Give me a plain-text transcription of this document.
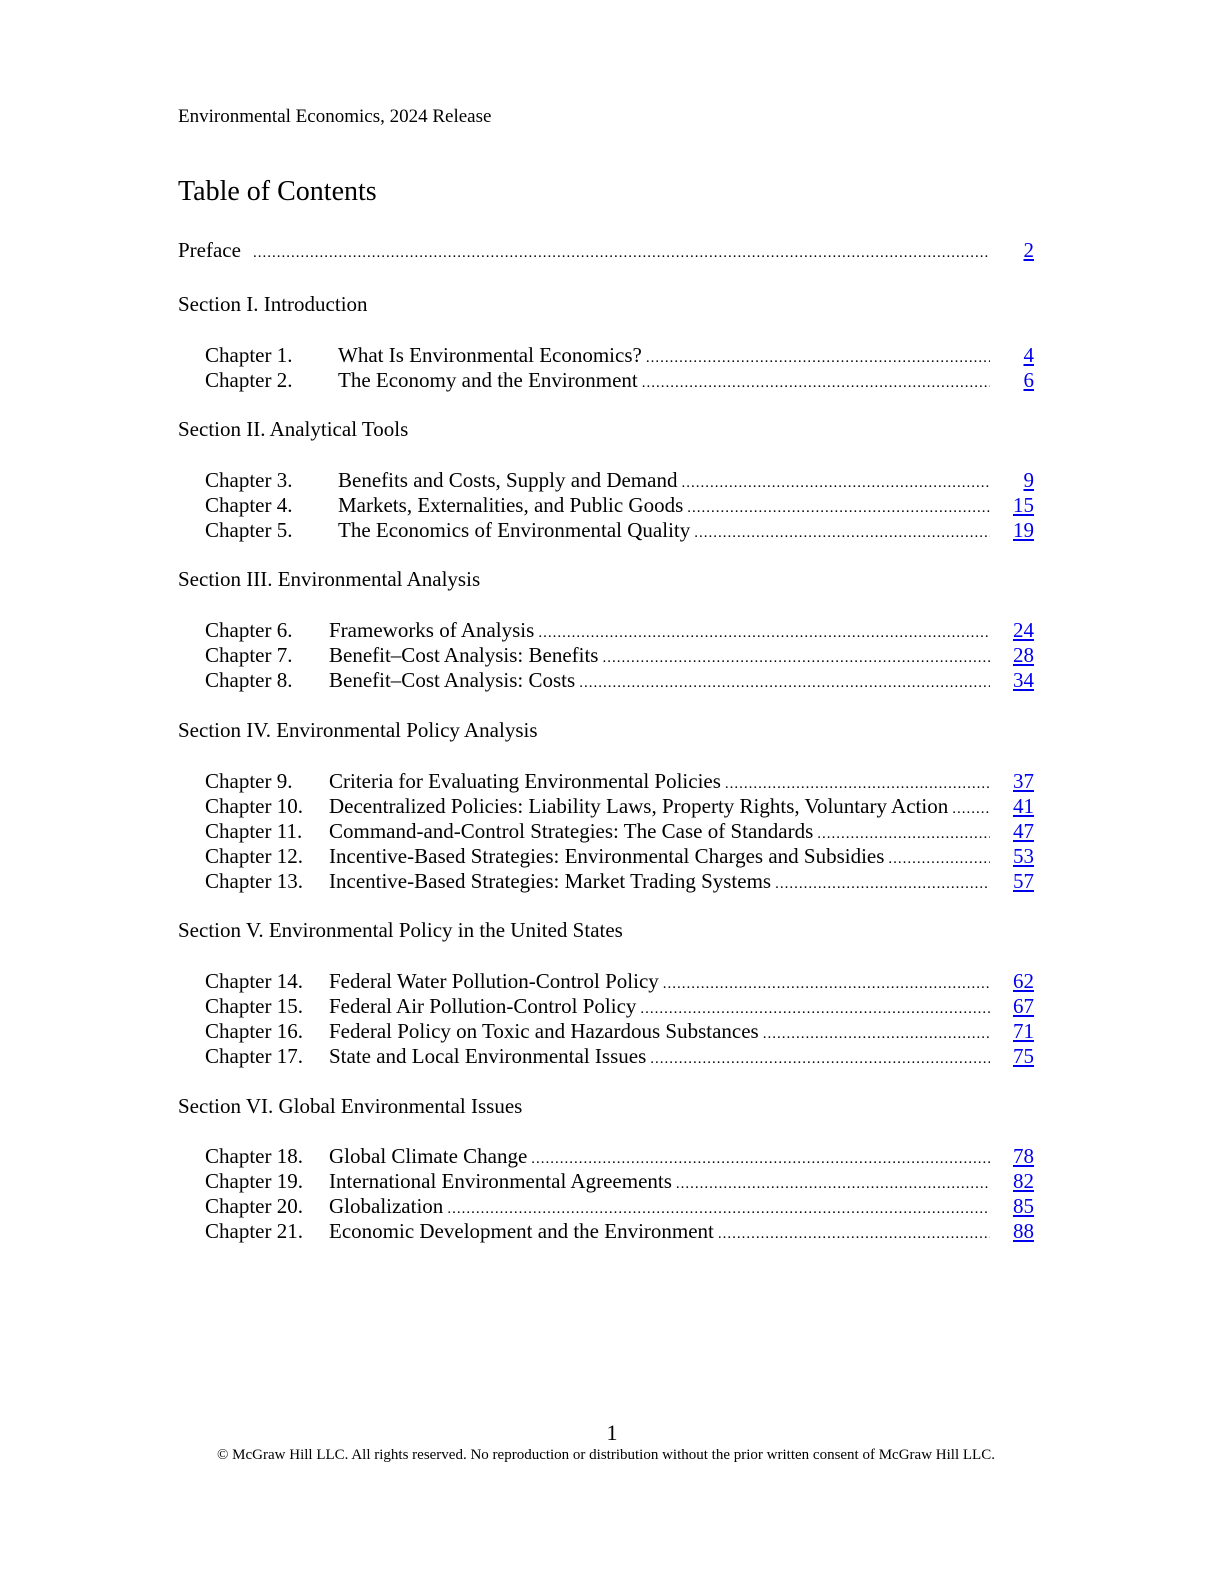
Environmental Economics, 2024 Release
Table of Contents
Preface .....	2
Section I. Introduction
Chapter 1.	What Is Environmental Economics? .....	4
Chapter 2.	The Economy and the Environment .....	6
Section II. Analytical Tools
Chapter 3.	Benefits and Costs, Supply and Demand .....	9
Chapter 4.	Markets, Externalities, and Public Goods .....	15
Chapter 5.	The Economics of Environmental Quality .....	19
Section III. Environmental Analysis
Chapter 6.	Frameworks of Analysis .....	24
Chapter 7.	Benefit–Cost Analysis: Benefits .....	28
Chapter 8.	Benefit–Cost Analysis: Costs .....	34
Section IV. Environmental Policy Analysis
Chapter 9.	Criteria for Evaluating Environmental Policies .....	37
Chapter 10.	Decentralized Policies: Liability Laws, Property Rights, Voluntary Action .....	41
Chapter 11.	Command-and-Control Strategies: The Case of Standards .....	47
Chapter 12.	Incentive-Based Strategies: Environmental Charges and Subsidies .....	53
Chapter 13.	Incentive-Based Strategies: Market Trading Systems .....	57
Section V. Environmental Policy in the United States
Chapter 14.	Federal Water Pollution-Control Policy .....	62
Chapter 15.	Federal Air Pollution-Control Policy .....	67
Chapter 16.	Federal Policy on Toxic and Hazardous Substances .....	71
Chapter 17.	State and Local Environmental Issues .....	75
Section VI. Global Environmental Issues
Chapter 18.	Global Climate Change .....	78
Chapter 19.	International Environmental Agreements .....	82
Chapter 20.	Globalization .....	85
Chapter 21.	Economic Development and the Environment .....	88
1
© McGraw Hill LLC. All rights reserved. No reproduction or distribution without the prior written consent of McGraw Hill LLC.
